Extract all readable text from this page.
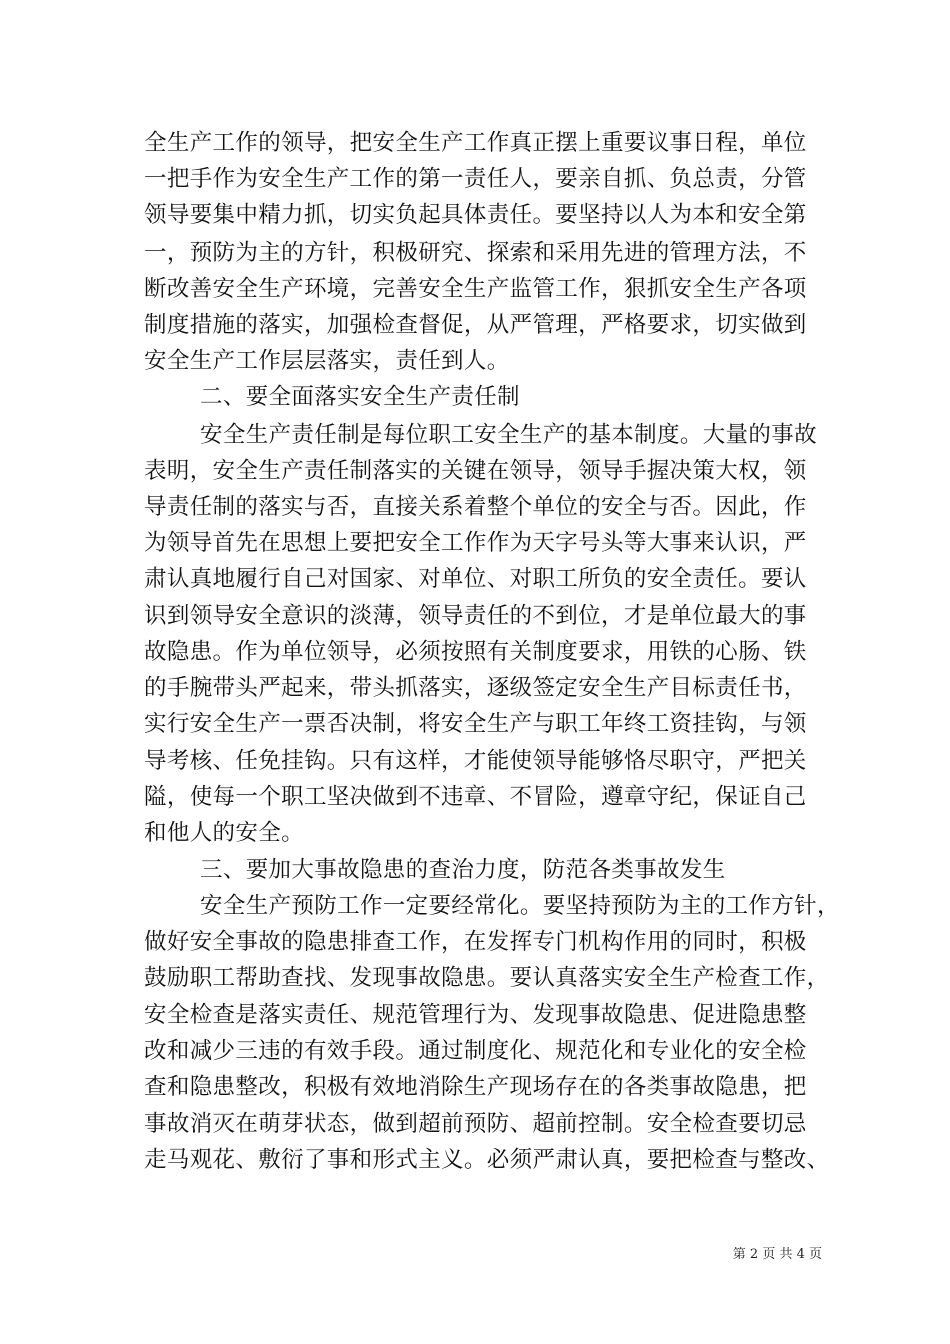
全生产工作的领导，把安全生产工作真正摆上重要议事日程，单位
一把手作为安全生产工作的第一责任人，要亲自抓、负总责，分管
领导要集中精力抓，切实负起具体责任。要坚持以人为本和安全第
一，预防为主的方针，积极研究、探索和采用先进的管理方法，不
断改善安全生产环境，完善安全生产监管工作，狠抓安全生产各项
制度措施的落实，加强检查督促，从严管理，严格要求，切实做到
安全生产工作层层落实，责任到人。
二、要全面落实安全生产责任制
安全生产责任制是每位职工安全生产的基本制度。大量的事故
表明，安全生产责任制落实的关键在领导，领导手握决策大权，领
导责任制的落实与否，直接关系着整个单位的安全与否。因此，作
为领导首先在思想上要把安全工作作为天字号头等大事来认识，严
肃认真地履行自己对国家、对单位、对职工所负的安全责任。要认
识到领导安全意识的淡薄，领导责任的不到位，才是单位最大的事
故隐患。作为单位领导，必须按照有关制度要求，用铁的心肠、铁
的手腕带头严起来，带头抓落实，逐级签定安全生产目标责任书，
实行安全生产一票否决制，将安全生产与职工年终工资挂钩，与领
导考核、任免挂钩。只有这样，才能使领导能够恪尽职守，严把关
隘，使每一个职工坚决做到不违章、不冒险，遵章守纪，保证自己
和他人的安全。
三、要加大事故隐患的查治力度，防范各类事故发生
安全生产预防工作一定要经常化。要坚持预防为主的工作方针，
做好安全事故的隐患排查工作，在发挥专门机构作用的同时，积极
鼓励职工帮助查找、发现事故隐患。要认真落实安全生产检查工作，
安全检查是落实责任、规范管理行为、发现事故隐患、促进隐患整
改和减少三违的有效手段。通过制度化、规范化和专业化的安全检
查和隐患整改，积极有效地消除生产现场存在的各类事故隐患，把
事故消灭在萌芽状态，做到超前预防、超前控制。安全检查要切忌
走马观花、敷衍了事和形式主义。必须严肃认真，要把检查与整改、
第 2 页 共 4 页
